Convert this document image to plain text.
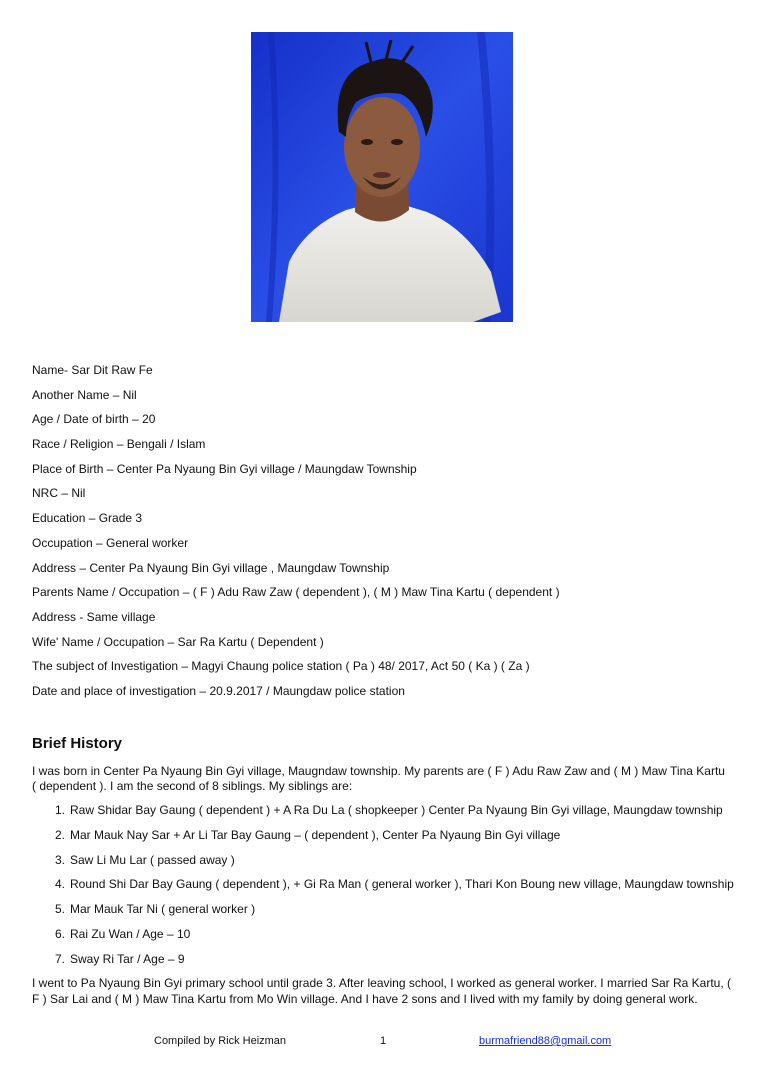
Name- Sar Dit Raw Fe
Another Name – Nil
Age / Date of birth – 20
Race / Religion – Bengali / Islam
Place of Birth – Center Pa Nyaung Bin Gyi village / Maungdaw Township
NRC – Nil
Education – Grade 3
Occupation – General worker
Address – Center Pa Nyaung Bin Gyi village , Maungdaw Township
Parents Name / Occupation – ( F ) Adu Raw Zaw ( dependent ), ( M ) Maw Tina Kartu ( dependent )
Address - Same village
Wife' Name / Occupation – Sar Ra Kartu ( Dependent )
The subject of Investigation – Magyi Chaung police station ( Pa ) 48/ 2017, Act 50 ( Ka ) ( Za )
Date and place of investigation – 20.9.2017 / Maungdaw police station
Brief History

I was born in Center Pa Nyaung Bin Gyi village, Maugndaw township. My parents are ( F ) Adu Raw Zaw and ( M ) Maw Tina Kartu ( dependent ). I am the second of 8 siblings. My siblings are:

1. Raw Shidar Bay Gaung ( dependent ) + A Ra Du La ( shopkeeper ) Center Pa Nyaung Bin Gyi village, Maungdaw township
2. Mar Mauk Nay Sar + Ar Li Tar Bay Gaung – ( dependent ), Center Pa Nyaung Bin Gyi village
3. Saw Li Mu Lar ( passed away )
4. Round Shi Dar Bay Gaung ( dependent ), + Gi Ra Man ( general worker ), Thari Kon Boung new village, Maungdaw township
5. Mar Mauk Tar Ni ( general worker )
6. Rai Zu Wan / Age – 10
7. Sway Ri Tar / Age – 9

I went to Pa Nyaung Bin Gyi primary school until grade 3. After leaving school, I worked as general worker. I married Sar Ra Kartu, ( F ) Sar Lai and ( M ) Maw Tina Kartu from Mo Win village. And I have 2 sons and I lived with my family by doing general work.

Compiled by Rick Heizman	1	burmafriend88@gmail.com
